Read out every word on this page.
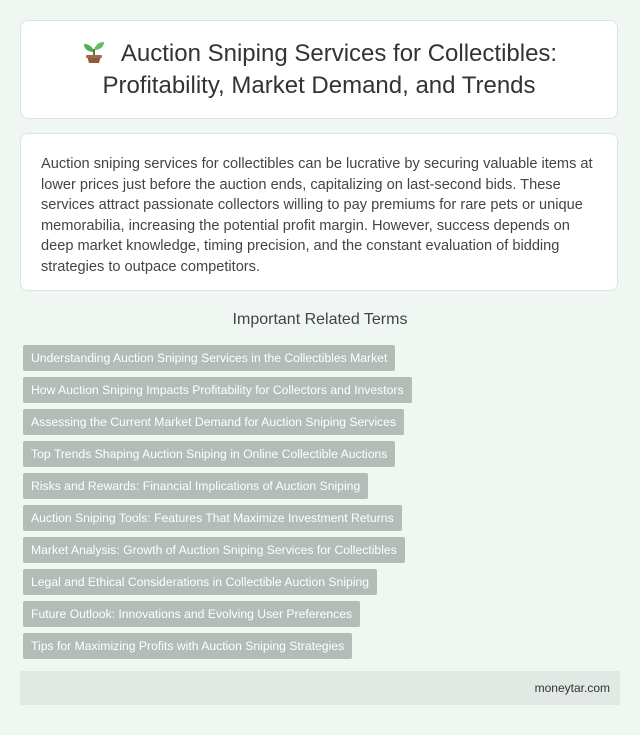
Auction Sniping Services for Collectibles: Profitability, Market Demand, and Trends

Auction sniping services for collectibles can be lucrative by securing valuable items at lower prices just before the auction ends, capitalizing on last-second bids. These services attract passionate collectors willing to pay premiums for rare pets or unique memorabilia, increasing the potential profit margin. However, success depends on deep market knowledge, timing precision, and the constant evaluation of bidding strategies to outpace competitors.

Important Related Terms
Understanding Auction Sniping Services in the Collectibles Market
How Auction Sniping Impacts Profitability for Collectors and Investors
Assessing the Current Market Demand for Auction Sniping Services
Top Trends Shaping Auction Sniping in Online Collectible Auctions
Risks and Rewards: Financial Implications of Auction Sniping
Auction Sniping Tools: Features That Maximize Investment Returns
Market Analysis: Growth of Auction Sniping Services for Collectibles
Legal and Ethical Considerations in Collectible Auction Sniping
Future Outlook: Innovations and Evolving User Preferences
Tips for Maximizing Profits with Auction Sniping Strategies
moneytar.com
